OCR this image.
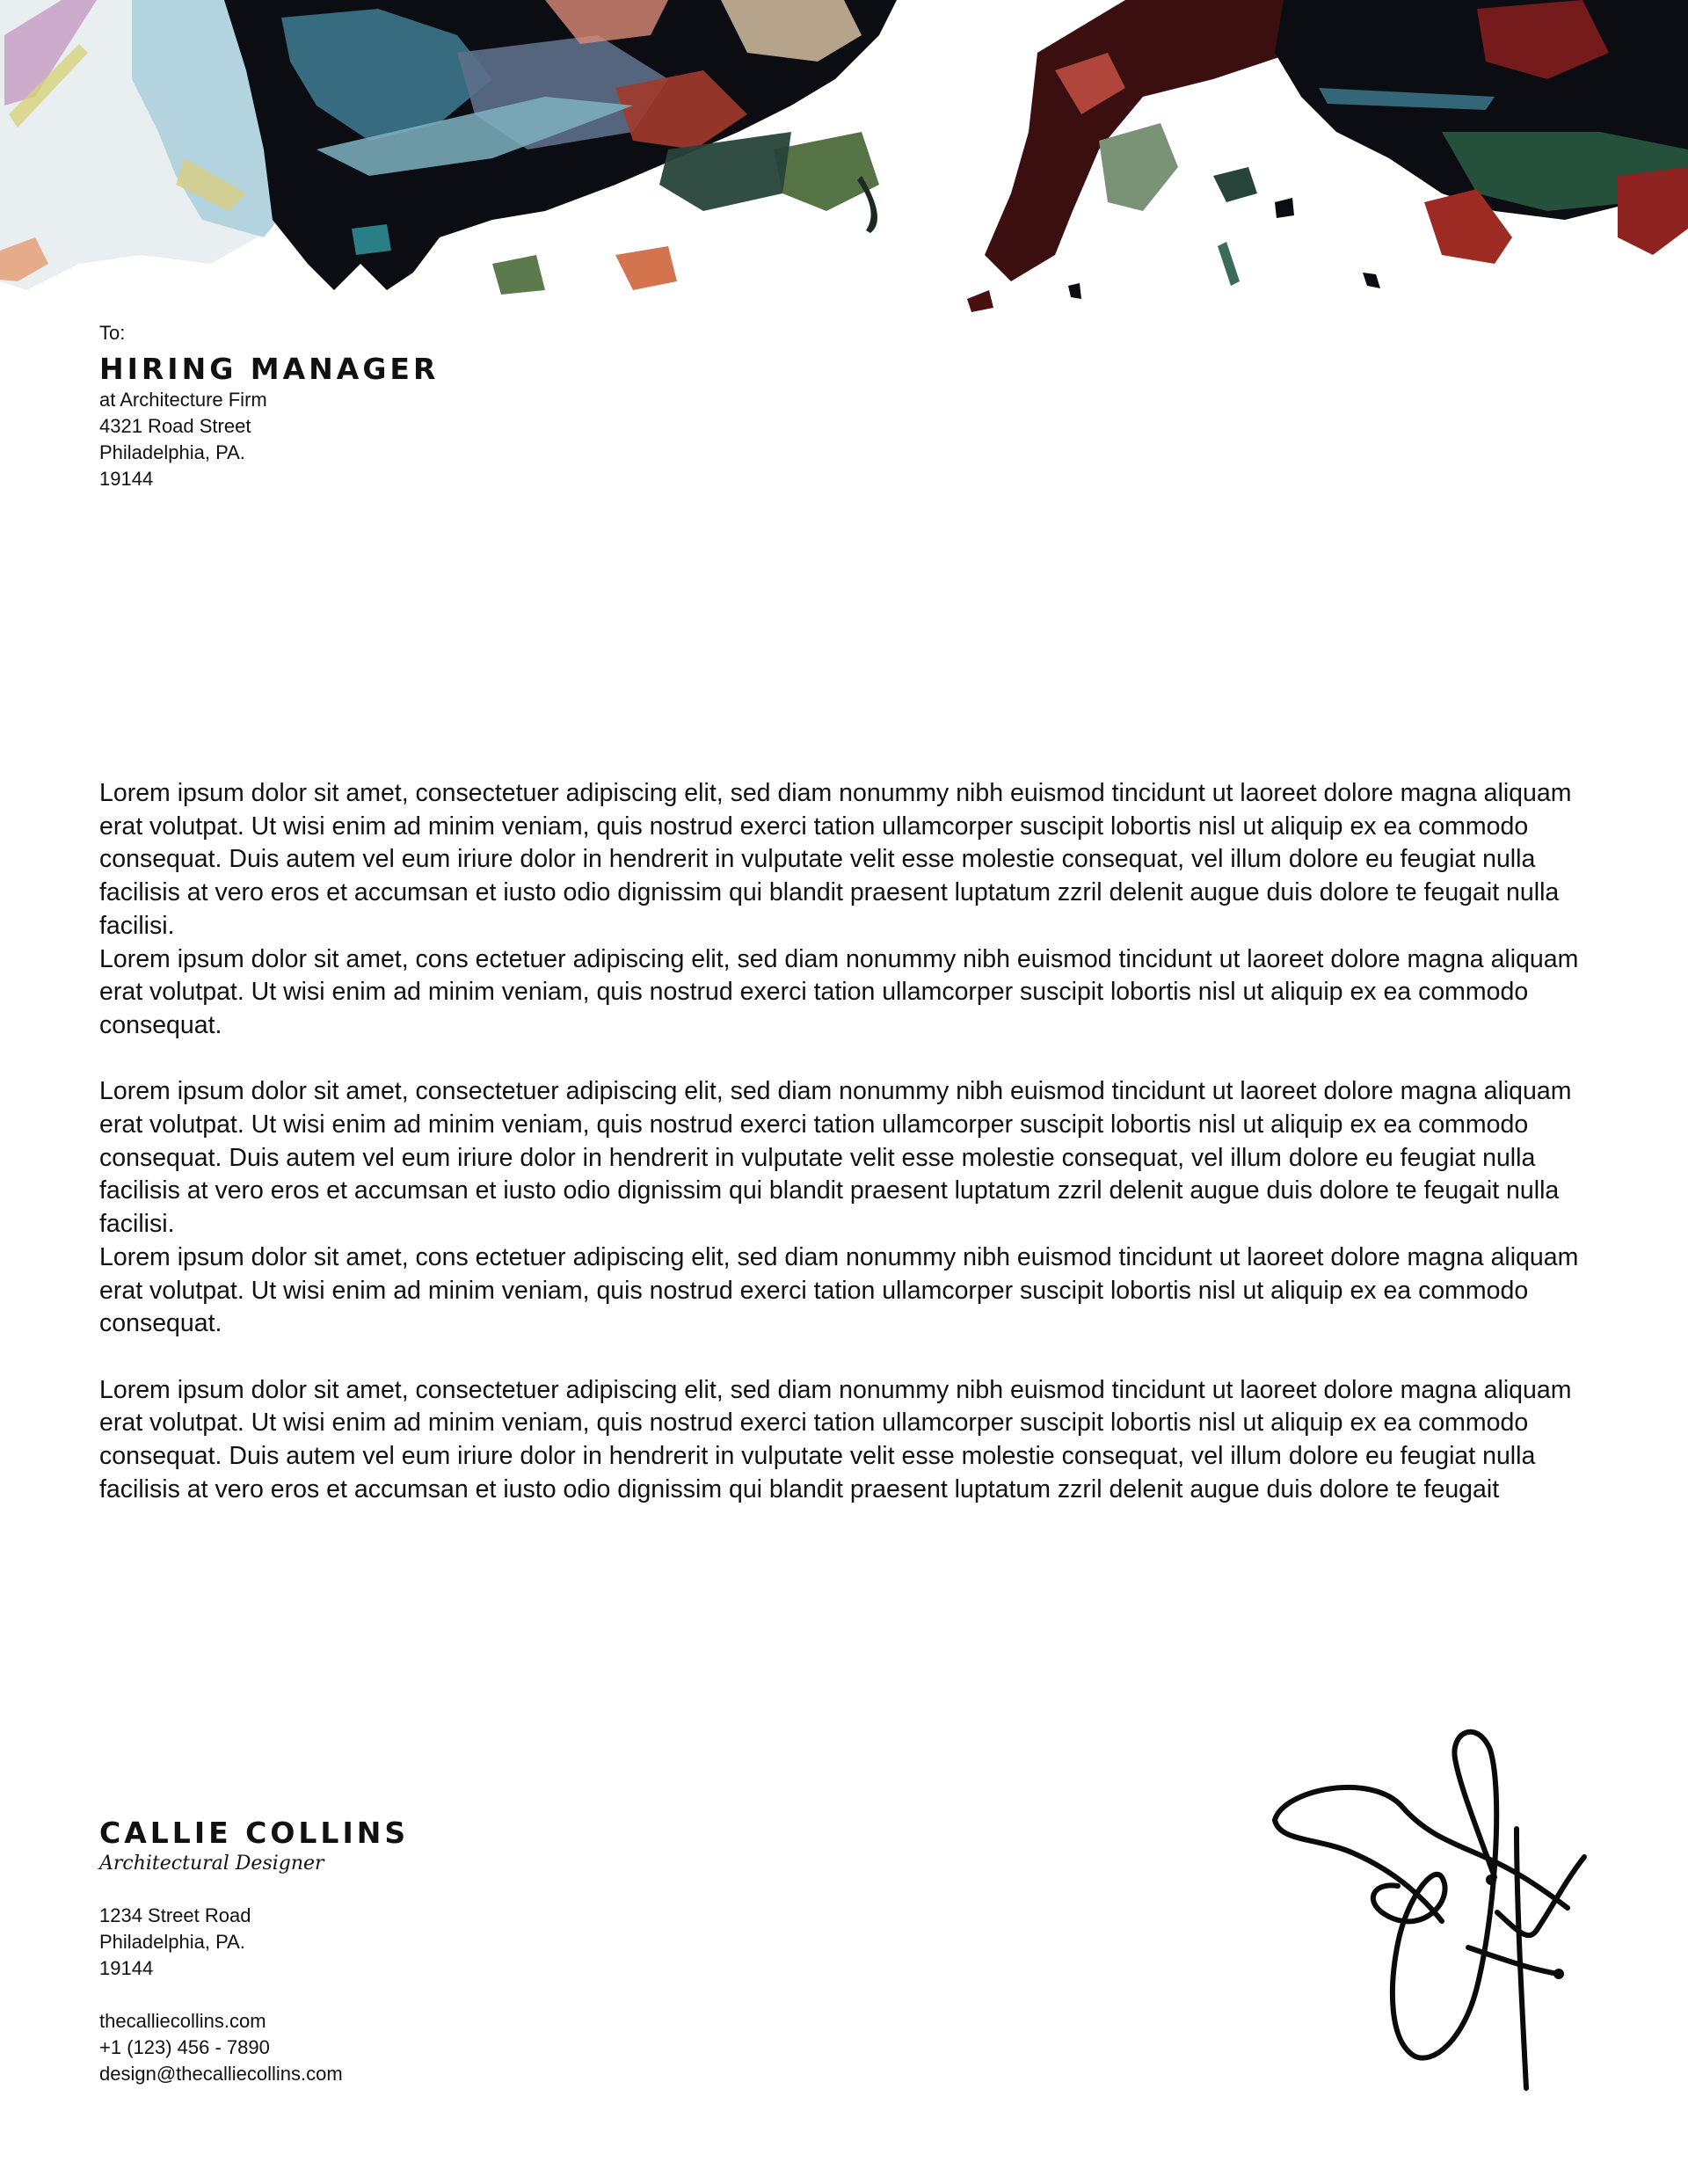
To:
HIRING MANAGER
at Architecture Firm
4321 Road Street
Philadelphia, PA.
19144

Lorem ipsum dolor sit amet, consectetuer adipiscing elit, sed diam nonummy nibh euismod tincidunt ut laoreet dolore magna aliquam erat volutpat. Ut wisi enim ad minim veniam, quis nostrud exerci tation ullamcorper suscipit lobortis nisl ut aliquip ex ea commodo consequat. Duis autem vel eum iriure dolor in hendrerit in vulputate velit esse molestie consequat, vel illum dolore eu feugiat nulla facilisis at vero eros et accumsan et iusto odio dignissim qui blandit praesent luptatum zzril delenit augue duis dolore te feugait nulla facilisi.

Lorem ipsum dolor sit amet, cons ectetuer adipiscing elit, sed diam nonummy nibh euismod tincidunt ut laoreet dolore magna aliquam erat volutpat. Ut wisi enim ad minim veniam, quis nostrud exerci tation ullamcorper suscipit lobortis nisl ut aliquip ex ea commodo consequat.

Lorem ipsum dolor sit amet, consectetuer adipiscing elit, sed diam nonummy nibh euismod tincidunt ut laoreet dolore magna aliquam erat volutpat. Ut wisi enim ad minim veniam, quis nostrud exerci tation ullamcorper suscipit lobortis nisl ut aliquip ex ea commodo consequat. Duis autem vel eum iriure dolor in hendrerit in vulputate velit esse molestie consequat, vel illum dolore eu feugiat nulla facilisis at vero eros et accumsan et iusto odio dignissim qui blandit praesent luptatum zzril delenit augue duis dolore te feugait nulla facilisi.

Lorem ipsum dolor sit amet, cons ectetuer adipiscing elit, sed diam nonummy nibh euismod tincidunt ut laoreet dolore magna aliquam erat volutpat. Ut wisi enim ad minim veniam, quis nostrud exerci tation ullamcorper suscipit lobortis nisl ut aliquip ex ea commodo consequat.

Lorem ipsum dolor sit amet, consectetuer adipiscing elit, sed diam nonummy nibh euismod tincidunt ut laoreet dolore magna aliquam erat volutpat. Ut wisi enim ad minim veniam, quis nostrud exerci tation ullamcorper suscipit lobortis nisl ut aliquip ex ea commodo consequat. Duis autem vel eum iriure dolor in hendrerit in vulputate velit esse molestie consequat, vel illum dolore eu feugiat nulla facilisis at vero eros et accumsan et iusto odio dignissim qui blandit praesent luptatum zzril delenit augue duis dolore te feugait

CALLIE COLLINS
Architectural Designer
1234 Street Road
Philadelphia, PA.
19144
thecalliecollins.com
+1 (123) 456 - 7890
design@thecalliecollins.com
